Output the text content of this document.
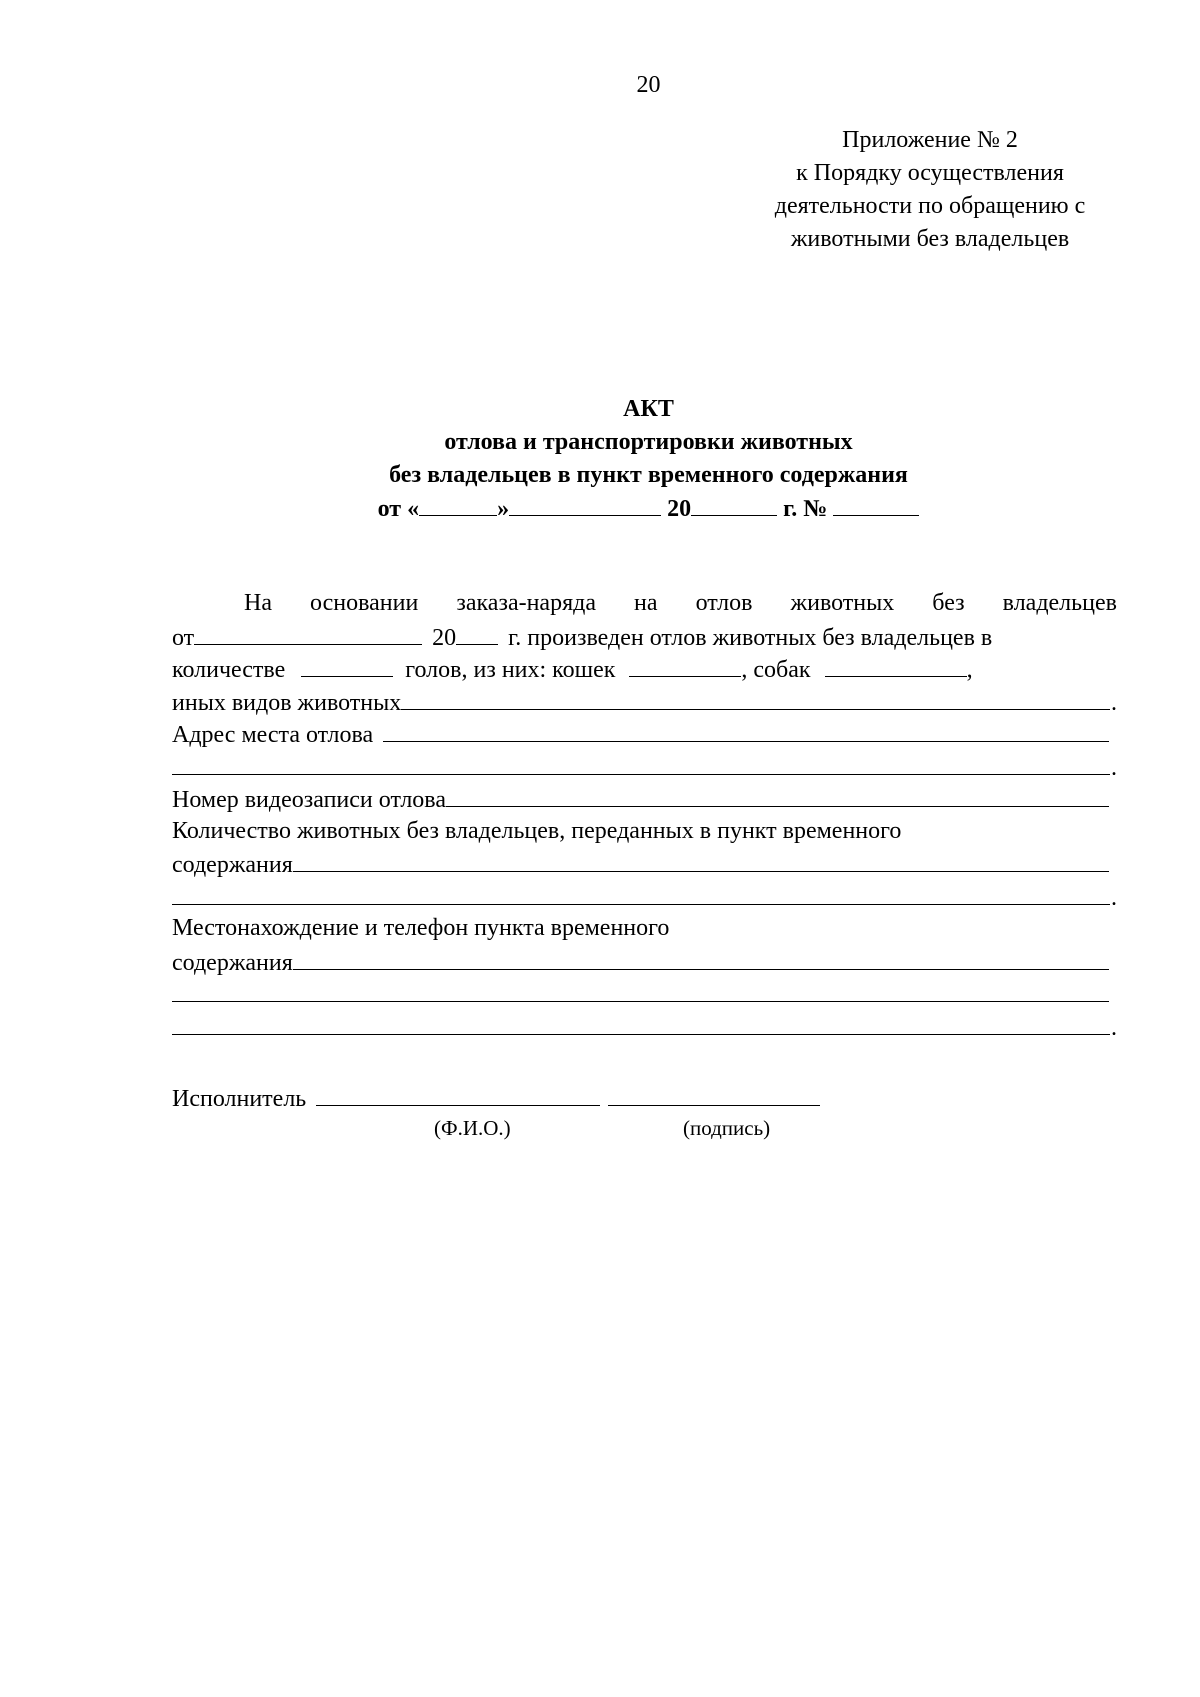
20
Приложение № 2
к Порядку осуществления
деятельности по обращению с
животными без владельцев
АКТ
отлова и транспортировки животных
без владельцев в пункт временного содержания
от «	»	20	г. №
На основании заказа-наряда на отлов животных без владельцев
от	20 г. произведен отлов животных без владельцев в
количестве	голов, из них: кошек	, собак	,
иных видов животных	.
Адрес места отлова
.
Номер видеозаписи отлова
Количество животных без владельцев, переданных в пункт временного
содержания
.
Местонахождение и телефон пункта временного
содержания
.
Исполнитель
(Ф.И.О.)	(подпись)
